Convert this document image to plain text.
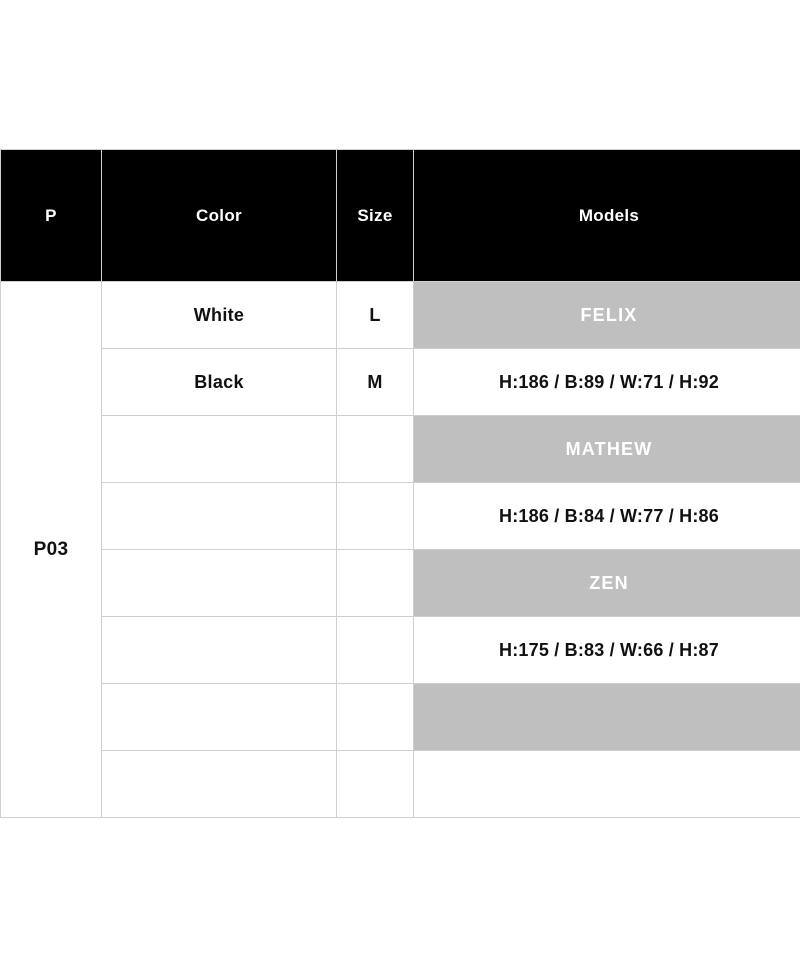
P	Color	Size	Models
P03	White	L	FELIX
	Black	M	H:186 / B:89 / W:71 / H:92
			MATHEW
			H:186 / B:84 / W:77 / H:86
			ZEN
			H:175 / B:83 / W:66 / H:87
